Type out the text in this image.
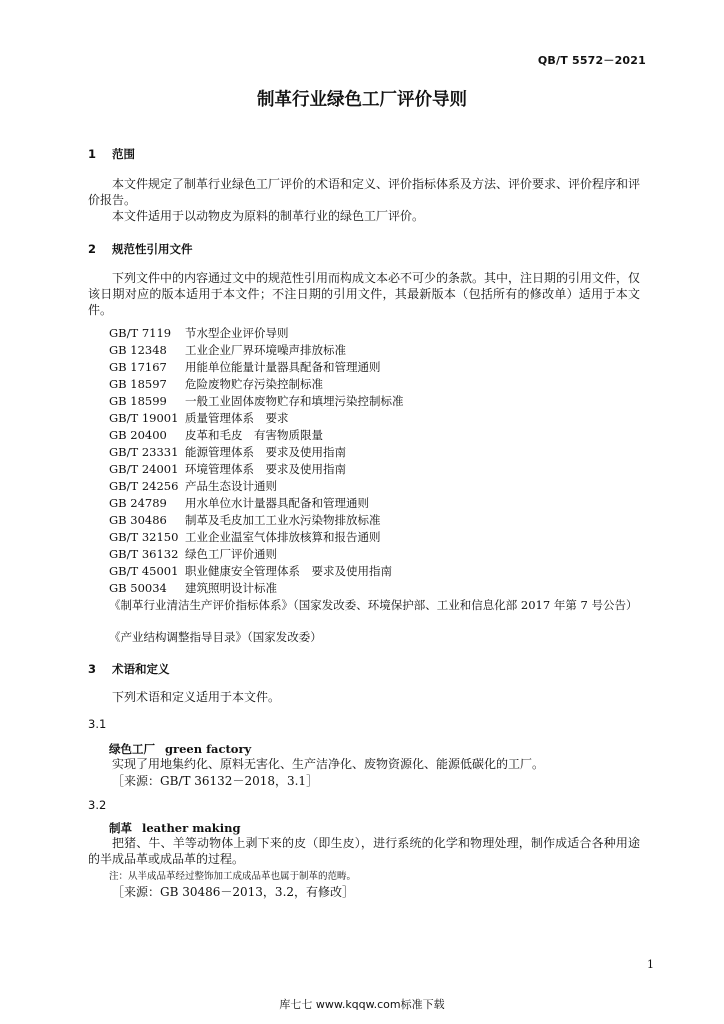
QB/T 5572－2021
制革行业绿色工厂评价导则
1 范围
本文件规定了制革行业绿色工厂评价的术语和定义、评价指标体系及方法、评价要求、评价程序和评价报告。
本文件适用于以动物皮为原料的制革行业的绿色工厂评价。
2 规范性引用文件
下列文件中的内容通过文中的规范性引用而构成文本必不可少的条款。其中，注日期的引用文件，仅该日期对应的版本适用于本文件；不注日期的引用文件，其最新版本（包括所有的修改单）适用于本文件。
GB/T 7119 节水型企业评价导则
GB 12348 工业企业厂界环境噪声排放标准
GB 17167 用能单位能量计量器具配备和管理通则
GB 18597 危险废物贮存污染控制标准
GB 18599 一般工业固体废物贮存和填埋污染控制标准
GB/T 19001 质量管理体系　要求
GB 20400 皮革和毛皮　有害物质限量
GB/T 23331 能源管理体系　要求及使用指南
GB/T 24001 环境管理体系　要求及使用指南
GB/T 24256 产品生态设计通则
GB 24789 用水单位水计量器具配备和管理通则
GB 30486 制革及毛皮加工工业水污染物排放标准
GB/T 32150 工业企业温室气体排放核算和报告通则
GB/T 36132 绿色工厂评价通则
GB/T 45001 职业健康安全管理体系　要求及使用指南
GB 50034 建筑照明设计标准
《制革行业清洁生产评价指标体系》（国家发改委、环境保护部、工业和信息化部 2017 年第 7 号公告）
《产业结构调整指导目录》（国家发改委）
3 术语和定义
下列术语和定义适用于本文件。
3.1
绿色工厂 green factory
实现了用地集约化、原料无害化、生产洁净化、废物资源化、能源低碳化的工厂。
［来源：GB/T 36132－2018，3.1］
3.2
制革 leather making
把猪、牛、羊等动物体上剥下来的皮（即生皮），进行系统的化学和物理处理，制作成适合各种用途的半成品革或成品革的过程。
注：从半成品革经过整饰加工成成品革也属于制革的范畴。
［来源：GB 30486－2013，3.2，有修改］
1
库七七 www.kqqw.com标准下载
